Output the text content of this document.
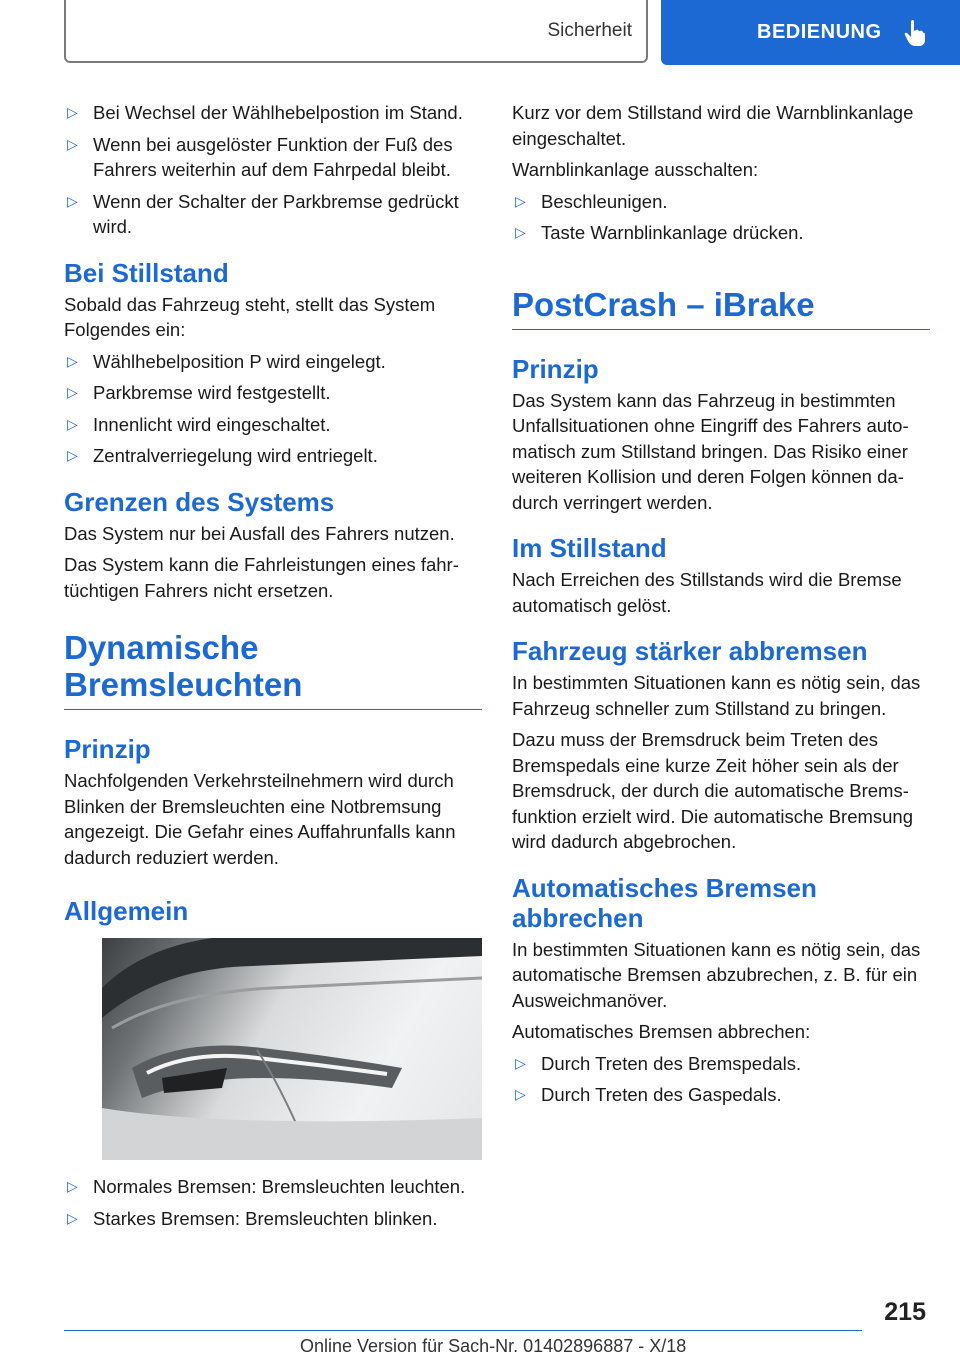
Sicherheit	BEDIENUNG
▷ Bei Wechsel der Wählhebelpostion im Stand.
▷ Wenn bei ausgelöster Funktion der Fuß des Fahrers weiterhin auf dem Fahrpedal bleibt.
▷ Wenn der Schalter der Parkbremse gedrückt wird.
Bei Stillstand

Sobald das Fahrzeug steht, stellt das System Folgendes ein:

▷ Wählhebelposition P wird eingelegt.
▷ Parkbremse wird festgestellt.
▷ Innenlicht wird eingeschaltet.
▷ Zentralverriegelung wird entriegelt.
Grenzen des Systems

Das System nur bei Ausfall des Fahrers nutzen.

Das System kann die Fahrleistungen eines fahrtüchtigen Fahrers nicht ersetzen.

Dynamische
Bremsleuchten
Prinzip

Nachfolgenden Verkehrsteilnehmern wird durch Blinken der Bremsleuchten eine Notbremsung angezeigt. Die Gefahr eines Auffahrunfalls kann dadurch reduziert werden.

Allgemein
▷ Normales Bremsen: Bremsleuchten leuchten.
▷ Starkes Bremsen: Bremsleuchten blinken.

Kurz vor dem Stillstand wird die Warnblinkanlage eingeschaltet.

Warnblinkanlage ausschalten:

▷ Beschleunigen.
▷ Taste Warnblinkanlage drücken.
PostCrash – iBrake
Prinzip

Das System kann das Fahrzeug in bestimmten Unfallsituationen ohne Eingriff des Fahrers automatisch zum Stillstand bringen. Das Risiko einer weiteren Kollision und deren Folgen können dadurch verringert werden.

Im Stillstand

Nach Erreichen des Stillstands wird die Bremse automatisch gelöst.

Fahrzeug stärker abbremsen

In bestimmten Situationen kann es nötig sein, das Fahrzeug schneller zum Stillstand zu bringen.

Dazu muss der Bremsdruck beim Treten des Bremspedals eine kurze Zeit höher sein als der Bremsdruck, der durch die automatische Bremsfunktion erzielt wird. Die automatische Bremsung wird dadurch abgebrochen.

Automatisches Bremsen abbrechen

In bestimmten Situationen kann es nötig sein, das automatische Bremsen abzubrechen, z. B. für ein Ausweichmanöver.

Automatisches Bremsen abbrechen:

▷ Durch Treten des Bremspedals.
▷ Durch Treten des Gaspedals.
215
Online Version für Sach-Nr. 01402896887 - X/18
